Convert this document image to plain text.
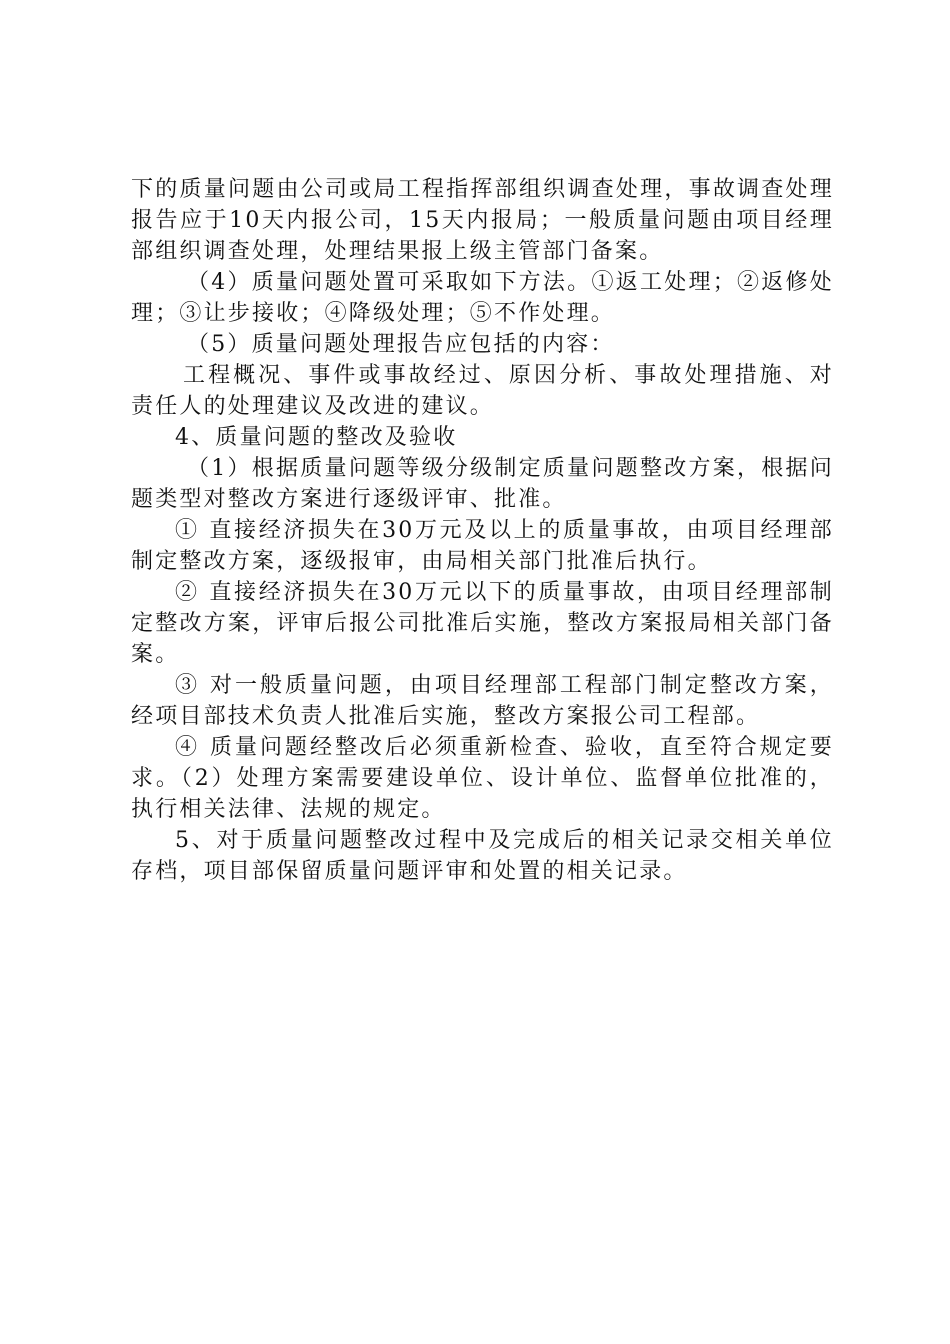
下的质量问题由公司或局工程指挥部组织调查处理，事故调查处理报告应于10天内报公司，15天内报局；一般质量问题由项目经理部组织调查处理，处理结果报上级主管部门备案。

（4）质量问题处置可采取如下方法。①返工处理；②返修处理；③让步接收；④降级处理；⑤不作处理。

（5）质量问题处理报告应包括的内容：

工程概况、事件或事故经过、原因分析、事故处理措施、对责任人的处理建议及改进的建议。

4、质量问题的整改及验收

（1）根据质量问题等级分级制定质量问题整改方案，根据问题类型对整改方案进行逐级评审、批准。

① 直接经济损失在30万元及以上的质量事故，由项目经理部制定整改方案，逐级报审，由局相关部门批准后执行。

② 直接经济损失在30万元以下的质量事故，由项目经理部制定整改方案，评审后报公司批准后实施，整改方案报局相关部门备案。

③ 对一般质量问题，由项目经理部工程部门制定整改方案，经项目部技术负责人批准后实施，整改方案报公司工程部。

④ 质量问题经整改后必须重新检查、验收，直至符合规定要求。（2）处理方案需要建设单位、设计单位、监督单位批准的，执行相关法律、法规的规定。

5、对于质量问题整改过程中及完成后的相关记录交相关单位存档，项目部保留质量问题评审和处置的相关记录。
